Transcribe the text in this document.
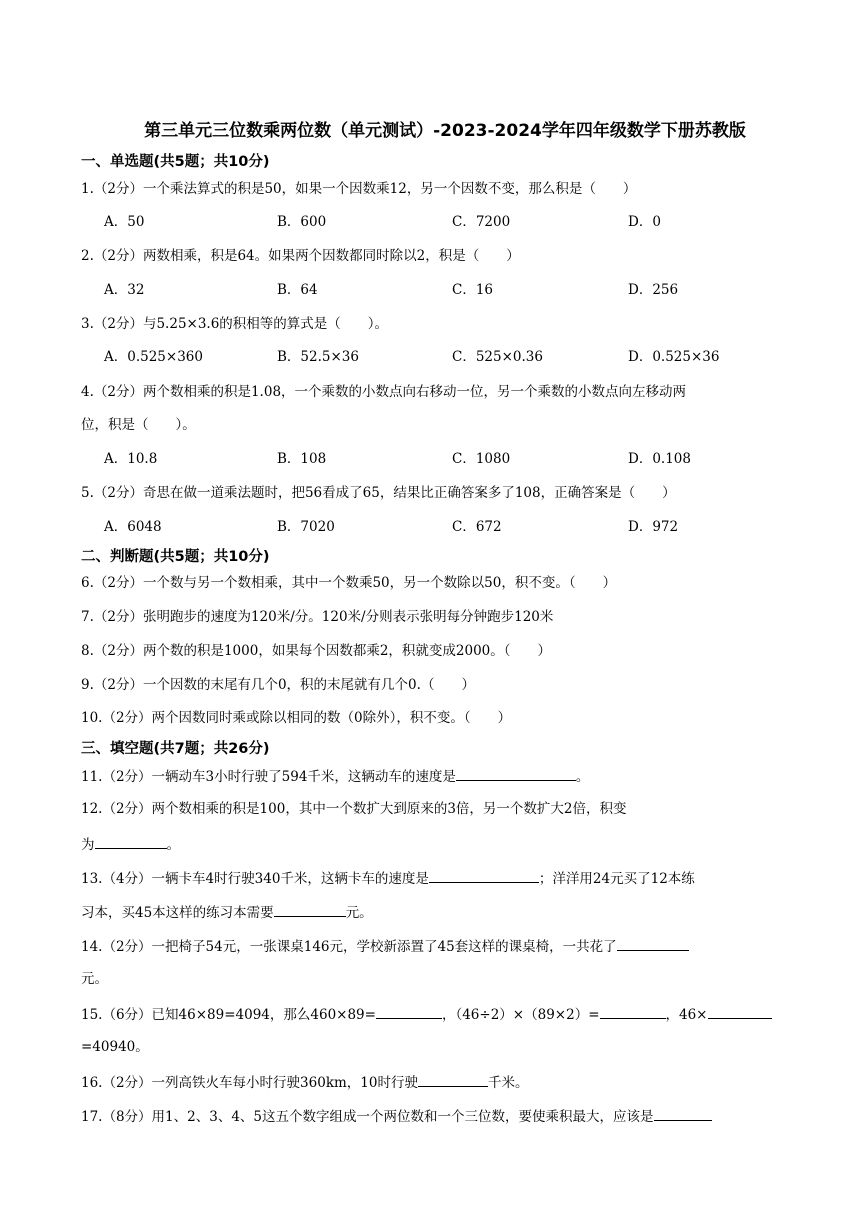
第三单元三位数乘两位数（单元测试）-2023-2024学年四年级数学下册苏教版
一、单选题(共5题；共10分)
1.（2分）一个乘法算式的积是50，如果一个因数乘12，另一个因数不变，那么积是（　　）
A．50	B．600	C．7200	D．0
2.（2分）两数相乘，积是64。如果两个因数都同时除以2，积是（　　）
A．32	B．64	C．16	D．256
3.（2分）与5.25×3.6的积相等的算式是（　　）。
A．0.525×360	B．52.5×36	C．525×0.36	D．0.525×36
4.（2分）两个数相乘的积是1.08，一个乘数的小数点向右移动一位，另一个乘数的小数点向左移动两
位，积是（　　）。
A．10.8	B．108	C．1080	D．0.108
5.（2分）奇思在做一道乘法题时，把56看成了65，结果比正确答案多了108，正确答案是（　　）
A．6048	B．7020	C．672	D．972
二、判断题(共5题；共10分)
6.（2分）一个数与另一个数相乘，其中一个数乘50，另一个数除以50，积不变。（　　）
7.（2分）张明跑步的速度为120米/分。120米/分则表示张明每分钟跑步120米
8.（2分）两个数的积是1000，如果每个因数都乘2，积就变成2000。（　　）
9.（2分）一个因数的末尾有几个0，积的末尾就有几个0.（　　）
10.（2分）两个因数同时乘或除以相同的数（0除外），积不变。（　　）
三、填空题(共7题；共26分)
11.（2分）一辆动车3小时行驶了594千米，这辆动车的速度是	。
12.（2分）两个数相乘的积是100，其中一个数扩大到原来的3倍，另一个数扩大2倍，积变
为	。
13.（4分）一辆卡车4时行驶340千米，这辆卡车的速度是	；洋洋用24元买了12本练
习本，买45本这样的练习本需要	元。
14.（2分）一把椅子54元，一张课桌146元，学校新添置了45套这样的课桌椅，一共花了
元。
15.（6分）已知46×89=4094，那么460×89=	，（46÷2）×（89×2）=	，46×
=40940。
16.（2分）一列高铁火车每小时行驶360km，10时行驶	千米。
17.（8分）用1、2、3、4、5这五个数字组成一个两位数和一个三位数，要使乘积最大，应该是
